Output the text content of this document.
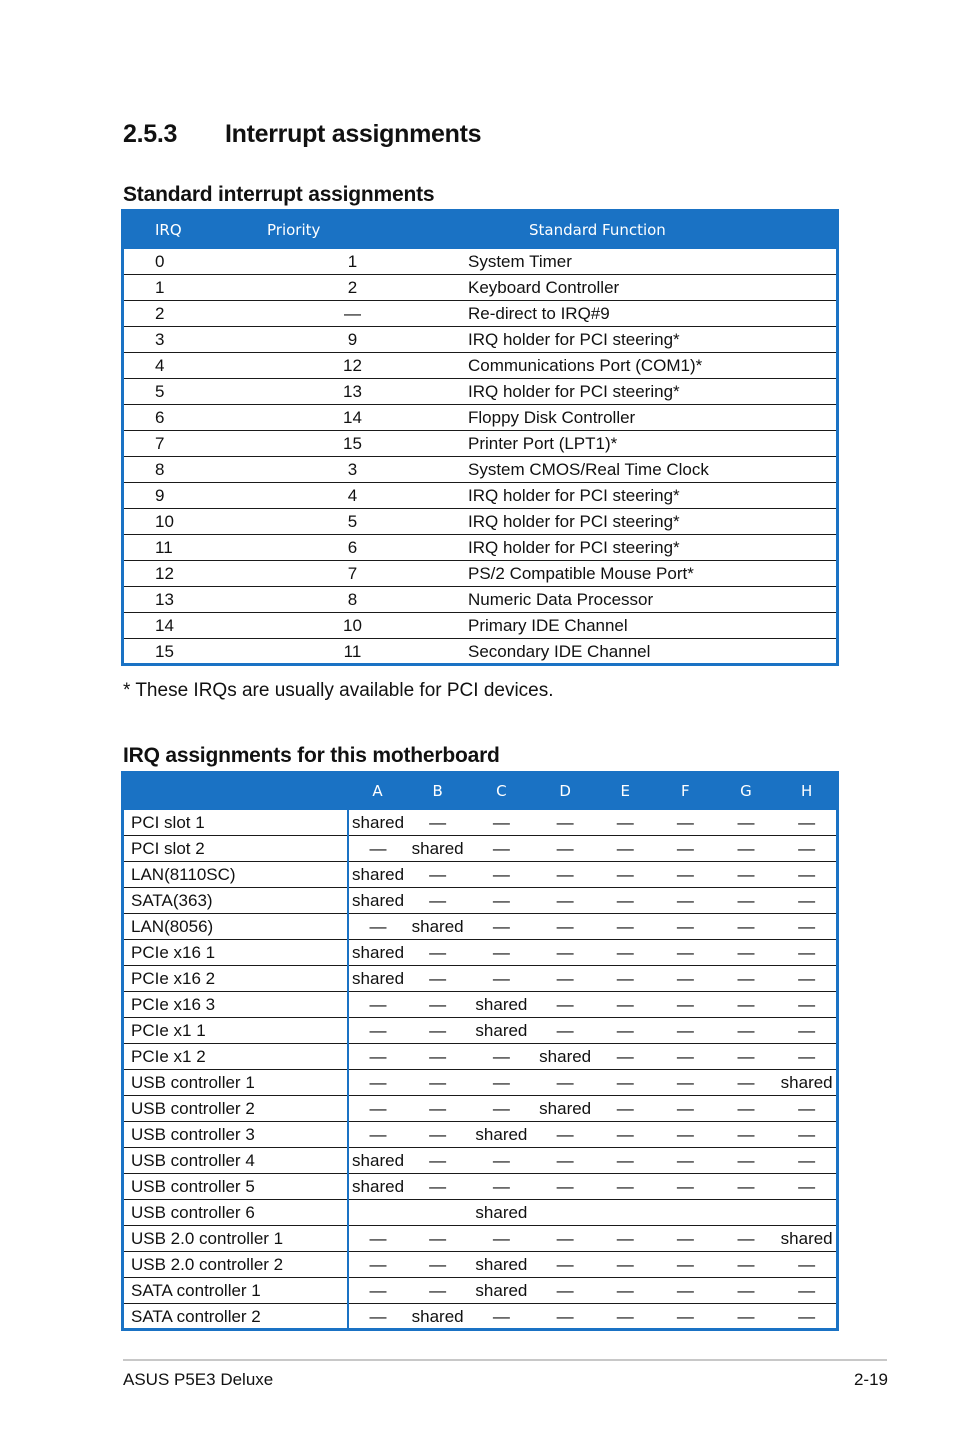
2.5.3 Interrupt assignments
Standard interrupt assignments
IRQ	Priority	Standard Function
0	1	System Timer
1	2	Keyboard Controller
2	—	Re-direct to IRQ#9
3	9	IRQ holder for PCI steering*
4	12	Communications Port (COM1)*
5	13	IRQ holder for PCI steering*
6	14	Floppy Disk Controller
7	15	Printer Port (LPT1)*
8	3	System CMOS/Real Time Clock
9	4	IRQ holder for PCI steering*
10	5	IRQ holder for PCI steering*
11	6	IRQ holder for PCI steering*
12	7	PS/2 Compatible Mouse Port*
13	8	Numeric Data Processor
14	10	Primary IDE Channel
15	11	Secondary IDE Channel
* These IRQs are usually available for PCI devices.
IRQ assignments for this motherboard
	A	B	C	D	E	F	G	H
PCI slot 1	shared	—	—	—	—	—	—	—
PCI slot 2	—	shared	—	—	—	—	—	—
LAN(8110SC)	shared	—	—	—	—	—	—	—
SATA(363)	shared	—	—	—	—	—	—	—
LAN(8056)	—	shared	—	—	—	—	—	—
PCIe x16 1	shared	—	—	—	—	—	—	—
PCIe x16 2	shared	—	—	—	—	—	—	—
PCIe x16 3	—	—	shared	—	—	—	—	—
PCIe x1 1	—	—	shared	—	—	—	—	—
PCIe x1 2	—	—	—	shared	—	—	—	—
USB controller 1	—	—	—	—	—	—	—	shared
USB controller 2	—	—	—	shared	—	—	—	—
USB controller 3	—	—	shared	—	—	—	—	—
USB controller 4	shared	—	—	—	—	—	—	—
USB controller 5	shared	—	—	—	—	—	—	—
USB controller 6			shared					
USB 2.0 controller 1	—	—	—	—	—	—	—	shared
USB 2.0 controller 2	—	—	shared	—	—	—	—	—
SATA controller 1	—	—	shared	—	—	—	—	—
SATA controller 2	—	shared	—	—	—	—	—	—
ASUS P5E3 Deluxe	2-19
